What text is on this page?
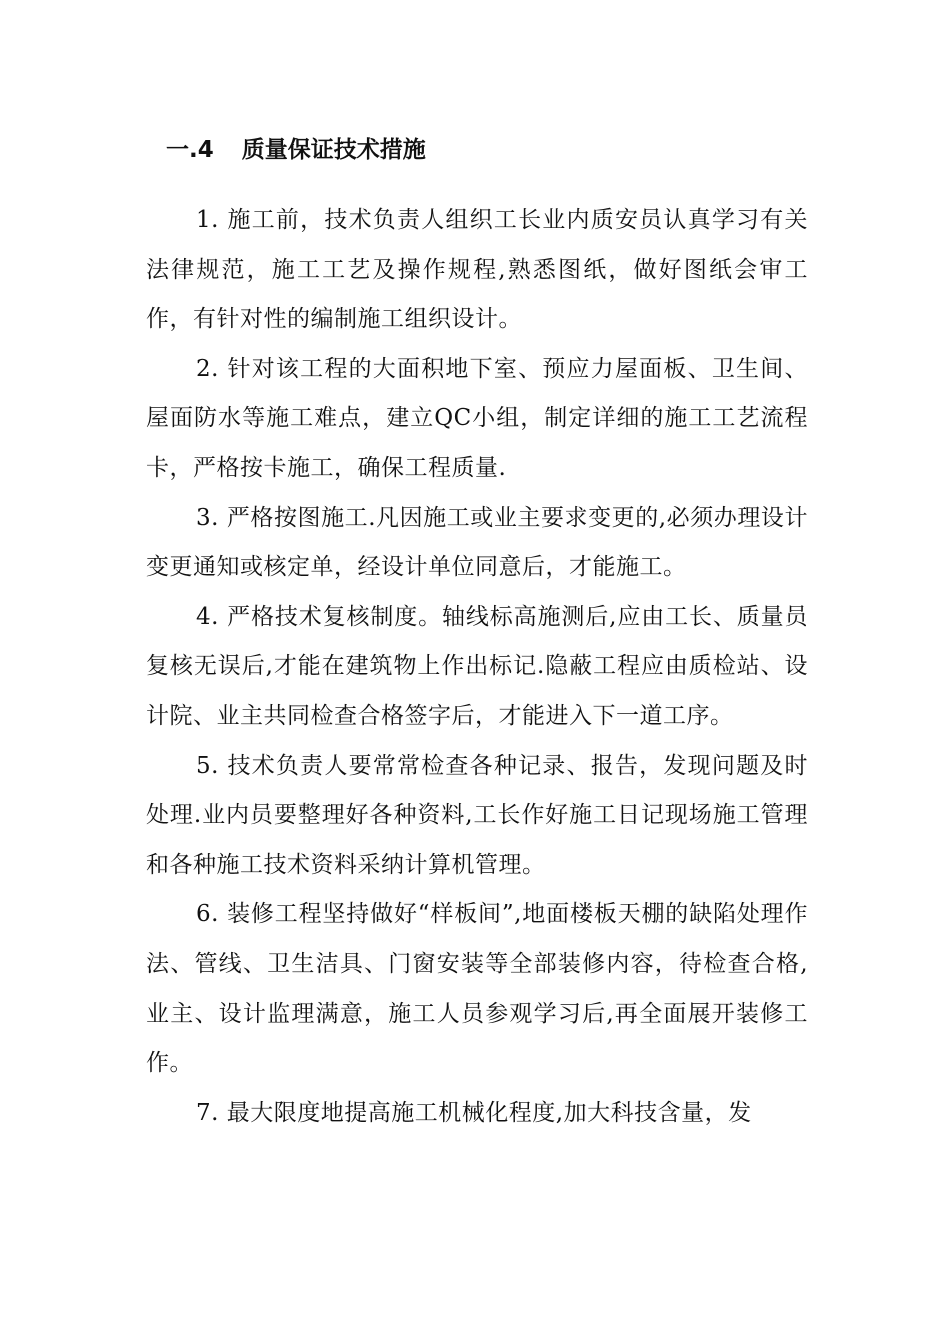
一.4 质量保证技术措施

1. 施工前，技术负责人组织工长业内质安员认真学习有关法律规范，施工工艺及操作规程,熟悉图纸，做好图纸会审工作，有针对性的编制施工组织设计。

2. 针对该工程的大面积地下室、预应力屋面板、卫生间、屋面防水等施工难点，建立QC小组，制定详细的施工工艺流程卡，严格按卡施工，确保工程质量.

3. 严格按图施工.凡因施工或业主要求变更的,必须办理设计变更通知或核定单，经设计单位同意后，才能施工。

4. 严格技术复核制度。轴线标高施测后,应由工长、质量员复核无误后,才能在建筑物上作出标记.隐蔽工程应由质检站、设计院、业主共同检查合格签字后，才能进入下一道工序。

5. 技术负责人要常常检查各种记录、报告，发现问题及时处理.业内员要整理好各种资料,工长作好施工日记现场施工管理和各种施工技术资料采纳计算机管理。

6. 装修工程坚持做好“样板间”,地面楼板天棚的缺陷处理作法、管线、卫生洁具、门窗安装等全部装修内容，待检查合格,业主、设计监理满意，施工人员参观学习后,再全面展开装修工作。

7. 最大限度地提高施工机械化程度,加大科技含量，发
